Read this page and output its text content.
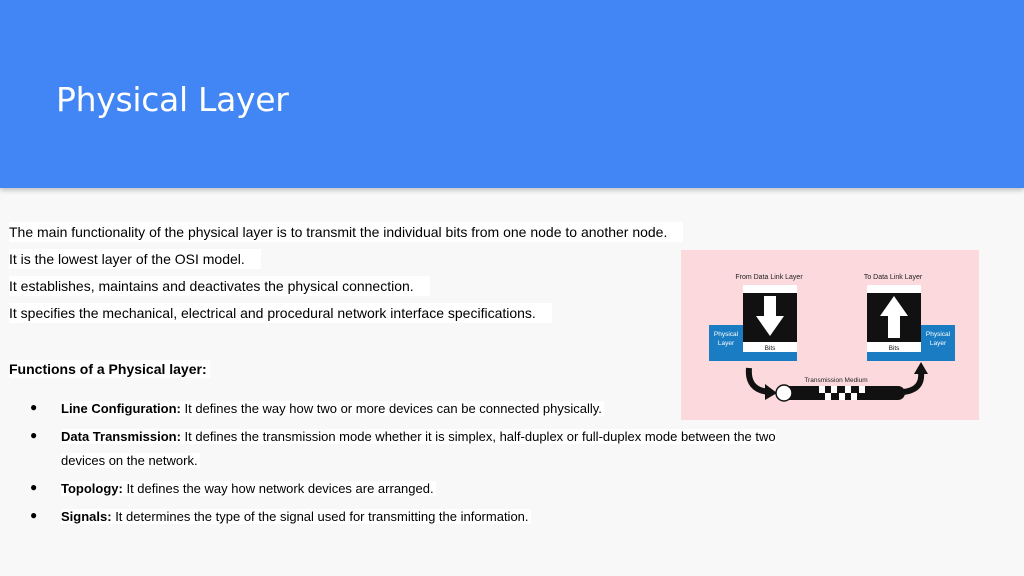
Physical Layer
The main functionality of the physical layer is to transmit the individual bits from one node to another node.
It is the lowest layer of the OSI model.
It establishes, maintains and deactivates the physical connection.
It specifies the mechanical, electrical and procedural network interface specifications.
Functions of a Physical layer:
● Line Configuration: It defines the way how two or more devices can be connected physically.
● Data Transmission: It defines the transmission mode whether it is simplex, half-duplex or full-duplex mode between the two devices on the network.
● Topology: It defines the way how network devices are arranged.
● Signals: It determines the type of the signal used for transmitting the information.
From Data Link Layer	To Data Link Layer
Physical
Layer
Bits	Bits
Physical
Layer
Transmission Medium
